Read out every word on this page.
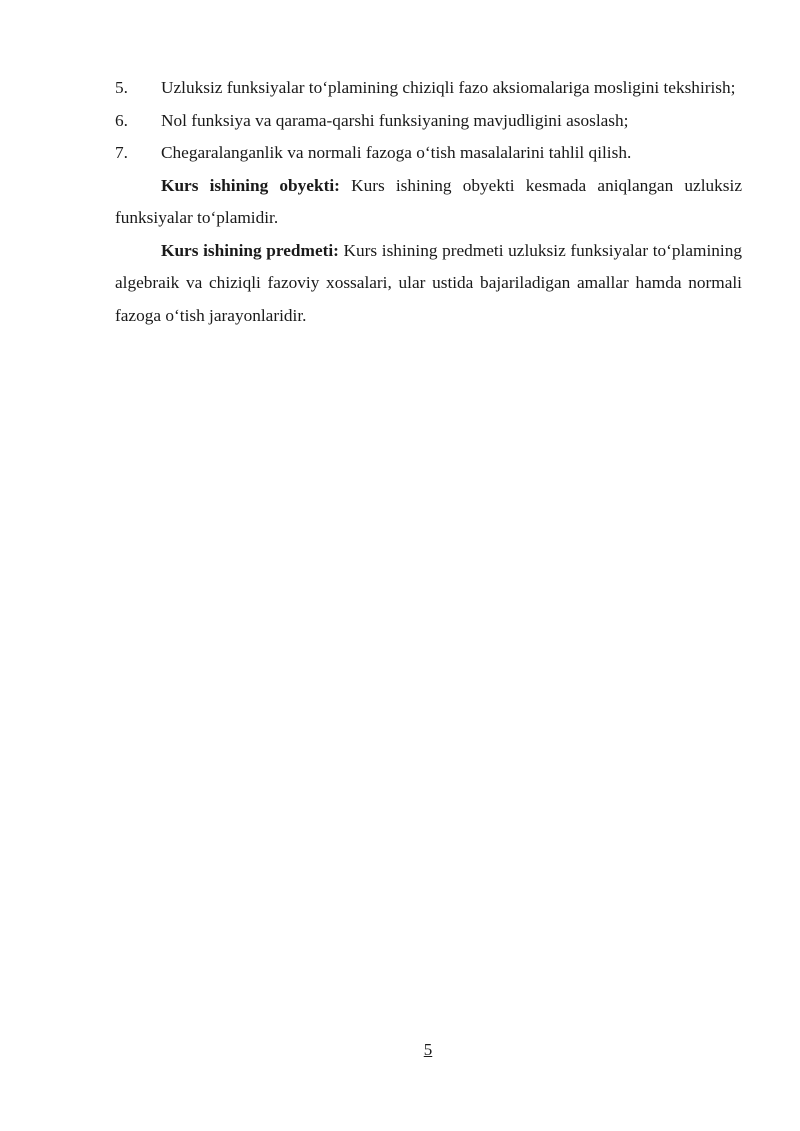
5. Uzluksiz funksiyalar to‘plamining chiziqli fazo aksiomalariga mosligini tekshirish;
6.	Nol funksiya va qarama-qarshi funksiyaning mavjudligini asoslash;
7.	Chegaralanganlik va normali fazoga o‘tish masalalarini tahlil qilish.

Kurs ishining obyekti: Kurs ishining obyekti kesmada aniqlangan uzluksiz funksiyalar to‘plamidir.

Kurs ishining predmeti: Kurs ishining predmeti uzluksiz funksiyalar to‘plamining algebraik va chiziqli fazoviy xossalari, ular ustida bajariladigan amallar hamda normali fazoga o‘tish jarayonlaridir.

5
